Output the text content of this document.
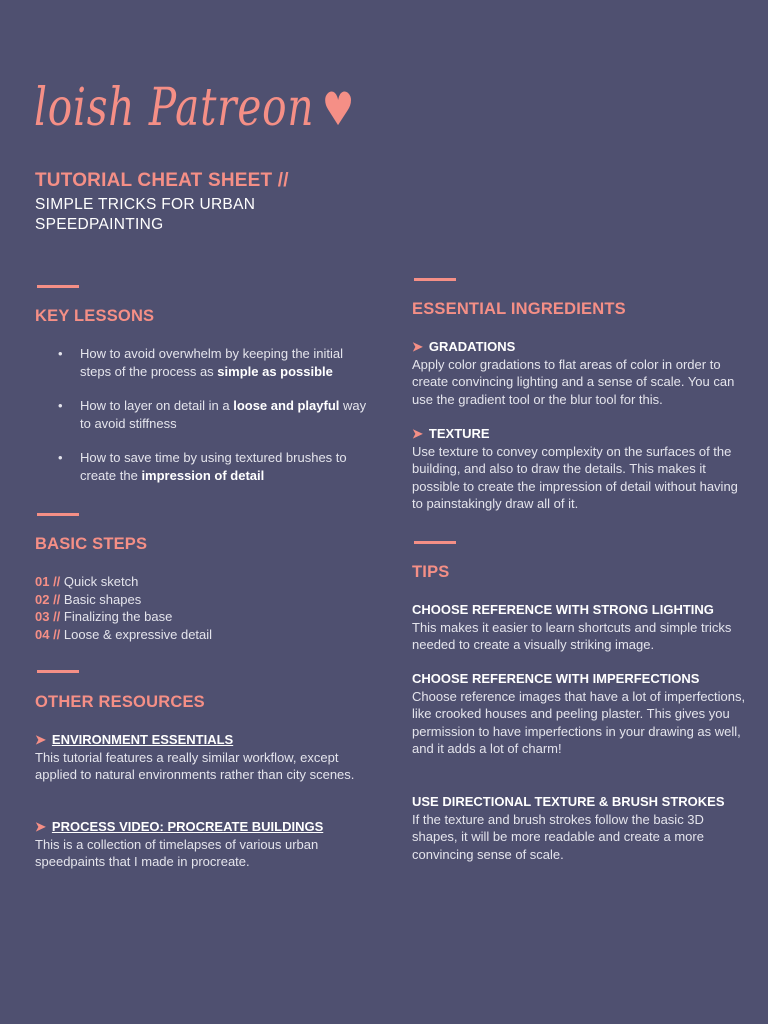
loish Patreon ♥
TUTORIAL CHEAT SHEET //
SIMPLE TRICKS FOR URBAN SPEEDPAINTING
KEY LESSONS
• How to avoid overwhelm by keeping the initial steps of the process as simple as possible
• How to layer on detail in a loose and playful way to avoid stiffness
• How to save time by using textured brushes to create the impression of detail
BASIC STEPS
01 // Quick sketch
02 // Basic shapes
03 // Finalizing the base
04 // Loose & expressive detail
OTHER RESOURCES
➤ ENVIRONMENT ESSENTIALS
This tutorial features a really similar workflow, except applied to natural environments rather than city scenes.
➤ PROCESS VIDEO: PROCREATE BUILDINGS
This is a collection of timelapses of various urban speedpaints that I made in procreate.
ESSENTIAL INGREDIENTS
➤ GRADATIONS
Apply color gradations to flat areas of color in order to create convincing lighting and a sense of scale. You can use the gradient tool or the blur tool for this.
➤ TEXTURE
Use texture to convey complexity on the surfaces of the building, and also to draw the details. This makes it possible to create the impression of detail without having to painstakingly draw all of it.
TIPS
CHOOSE REFERENCE WITH STRONG LIGHTING
This makes it easier to learn shortcuts and simple tricks needed to create a visually striking image.
CHOOSE REFERENCE WITH IMPERFECTIONS
Choose reference images that have a lot of imperfections, like crooked houses and peeling plaster. This gives you permission to have imperfections in your drawing as well, and it adds a lot of charm!
USE DIRECTIONAL TEXTURE & BRUSH STROKES
If the texture and brush strokes follow the basic 3D shapes, it will be more readable and create a more convincing sense of scale.
